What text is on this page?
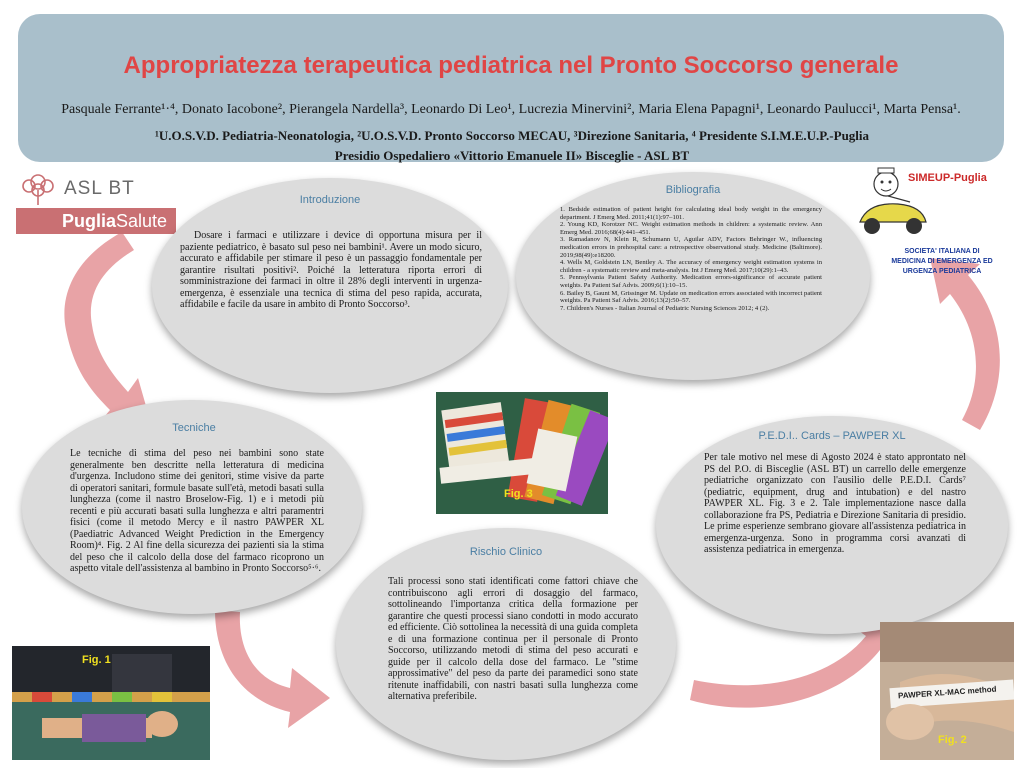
Appropriatezza terapeutica pediatrica nel Pronto Soccorso generale
Pasquale Ferrante¹·⁴, Donato Iacobone², Pierangela Nardella³, Leonardo Di Leo¹, Lucrezia Minervini², Maria Elena Papagni¹, Leonardo Paulucci¹, Marta Pensa¹.
¹U.O.S.V.D. Pediatria-Neonatologia, ²U.O.S.V.D. Pronto Soccorso MECAU, ³Direzione Sanitaria, ⁴ Presidente S.I.M.E.U.P.-Puglia
Presidio Ospedaliero «Vittorio Emanuele II» Bisceglie - ASL BT
ASL BT
PugliaSalute
SIMEUP-Puglia
SOCIETA' ITALIANA DI
MEDICINA DI EMERGENZA ED
URGENZA PEDIATRICA
Introduzione
Dosare i farmaci e utilizzare i device di opportuna misura per il paziente pediatrico, è basato sul peso nei bambini¹. Avere un modo sicuro, accurato e affidabile per stimare il peso è un passaggio fondamentale per garantire risultati positivi². Poiché la letteratura riporta errori di somministrazione dei farmaci in oltre il 28% degli interventi in urgenza- emergenza, è essenziale una tecnica di stima del peso rapida, accurata, affidabile e facile da usare in ambito di Pronto Soccorso³.
Bibliografia

1. Bedside estimation of patient height for calculating ideal body weight in the emergency department. J Emerg Med. 2011;41(1):97–101.

2. Young KD, Korotzer NC. Weight estimation methods in children: a systematic review. Ann Emerg Med. 2016;68(4):441–451.

3. Ramadanov N, Klein R, Schumann U, Aguilar ADV, Factors Behringer W., influencing medication errors in prehospital care: a retrospective observational study. Medicine (Baltimore). 2019;98(49):e18200.

4. Wells M, Goldstein LN, Bentley A. The accuracy of emergency weight estimation systems in children - a systematic review and meta-analysis. Int J Emerg Med. 2017;10(29):1–43.

5. Pennsylvania Patient Safety Authority. Medication errors-significance of accurate patient weights. Pa Patient Saf Advis. 2009;6(1):10–15.

6. Bailey B, Gaunt M, Grissinger M. Update on medication errors associated with incorrect patient weights. Pa Patient Saf Advis. 2016;13(2):50–57.

7. Children's Nurses - Italian Journal of Pediatric Nursing Sciences 2012; 4 (2).

Tecniche
Le tecniche di stima del peso nei bambini sono state generalmente ben descritte nella letteratura di medicina d'urgenza. Includono stime dei genitori, stime visive da parte di operatori sanitari, formule basate sull'età, metodi basati sulla lunghezza (come il nastro Broselow-Fig. 1) e i metodi più recenti e più accurati basati sulla lunghezza e altri paramentri fisici (come il metodo Mercy e il nastro PAWPER XL (Paediatric Advanced Weight Prediction in the Emergency Room)⁴. Fig. 2 Al fine della sicurezza dei pazienti sia la stima del peso che il calcolo della dose del farmaco ricoprono un aspetto vitale dell'assistenza al bambino in Pronto Soccorso⁵·⁶.
Rischio Clinico
Tali processi sono stati identificati come fattori chiave che contribuiscono agli errori di dosaggio del farmaco, sottolineando l'importanza critica della formazione per garantire che questi processi siano condotti in modo accurato ed efficiente. Ciò sottolinea la necessità di una guida completa e di una formazione continua per il personale di Pronto Soccorso, utilizzando metodi di stima del peso accurati e guide per il calcolo della dose del farmaco. Le "stime approssimative" del peso da parte dei paramedici sono state ritenute inaffidabili, con nastri basati sulla lunghezza come alternativa preferibile.
P.E.D.I.. Cards – PAWPER XL
Per tale motivo nel mese di Agosto 2024 è stato approntato nel PS del P.O. di Bisceglie (ASL BT) un carrello delle emergenze pediatriche organizzato con l'ausilio delle P.E.D.I. Cards⁷ (pediatric, equipment, drug and intubation) e del nastro PAWPER XL. Fig. 3 e 2. Tale implementazione nasce dalla collaborazione fra PS, Pediatria e Direzione Sanitaria di presidio. Le prime esperienze sembrano giovare all'assistenza pediatrica in emergenza-urgenza. Sono in programma corsi avanzati di assistenza pediatrica in emergenza.
Fig. 3
Fig. 1
PAWPER XL-MAC method
Fig. 2
